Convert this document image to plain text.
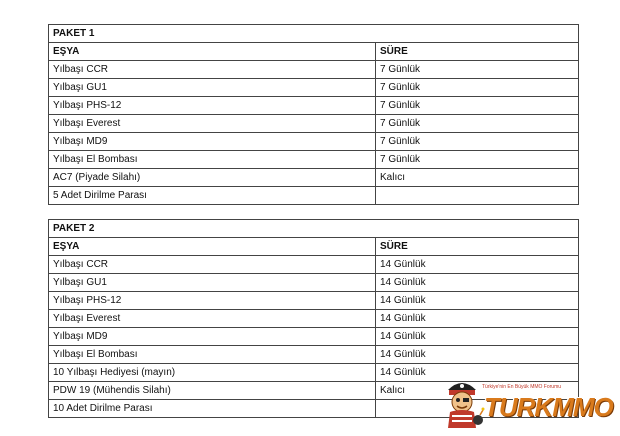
PAKET 1	
EŞYA	SÜRE
Yılbaşı CCR	7 Günlük
Yılbaşı GU1	7 Günlük
Yılbaşı PHS-12	7 Günlük
Yılbaşı Everest	7 Günlük
Yılbaşı MD9	7 Günlük
Yılbaşı El Bombası	7 Günlük
AC7 (Piyade Silahı)	Kalıcı
5 Adet Dirilme Parası	
PAKET 2	
EŞYA	SÜRE
Yılbaşı CCR	14 Günlük
Yılbaşı GU1	14 Günlük
Yılbaşı PHS-12	14 Günlük
Yılbaşı Everest	14 Günlük
Yılbaşı MD9	14 Günlük
Yılbaşı El Bombası	14 Günlük
10 Yılbaşı Hediyesi (mayın)	14 Günlük
PDW 19 (Mühendis Silahı)	Kalıcı
10 Adet Dirilme Parası	
Türkiye'nin En Büyük MMO Forumu
TURKMMO
